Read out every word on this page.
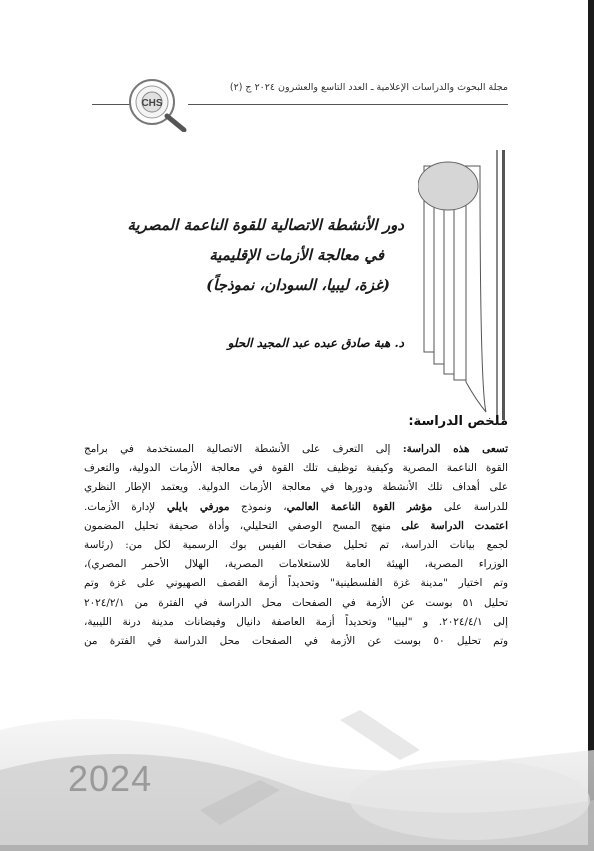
مجلة البحوث والدراسات الإعلامية ـ العدد التاسع والعشرون ٢٠٢٤ ج (٢)
CHS
دور الأنشطة الاتصالية للقوة الناعمة المصرية
في معالجة الأزمات الإقليمية
(غزة، ليبيا، السودان، نموذجاً)
د. هبة صادق عبده عبد المجيد الحلو
ملخص الدراسة:
تسعى هذه الدراسة: إلى التعرف على الأنشطة الاتصالية المستخدمة في برامج
القوة الناعمة المصرية وكيفية توظيف تلك القوة في معالجة الأزمات الدولية، والتعرف
على أهداف تلك الأنشطة ودورها في معالجة الأزمات الدولية. ويعتمد الإطار النظري
للدراسة على مؤشر القوة الناعمة العالمي، ونموذج مورفي بايلي لإدارة الأزمات.
اعتمدت الدراسة على منهج المسح الوصفي التحليلي، وأداة صحيفة تحليل المضمون
لجمع بيانات الدراسة، تم تحليل صفحات الفيس بوك الرسمية لكل من: (رئاسة
الوزراء المصرية، الهيئة العامة للاستعلامات المصرية، الهلال الأحمر المصري)،
وتم اختيار "مدينة غزة الفلسطينية" وتحديداً أزمة القصف الصهيوني على غزة وتم
تحليل ٥١ بوست عن الأزمة في الصفحات محل الدراسة في الفترة من ٢٠٢٤/٢/١
إلى ٢٠٢٤/٤/١. و "ليبيا" وتحديداً أزمة العاصفة دانيال وفيضانات مدينة درنة الليبية،
وتم تحليل ٥٠ بوست عن الأزمة في الصفحات محل الدراسة في الفترة من
2024
